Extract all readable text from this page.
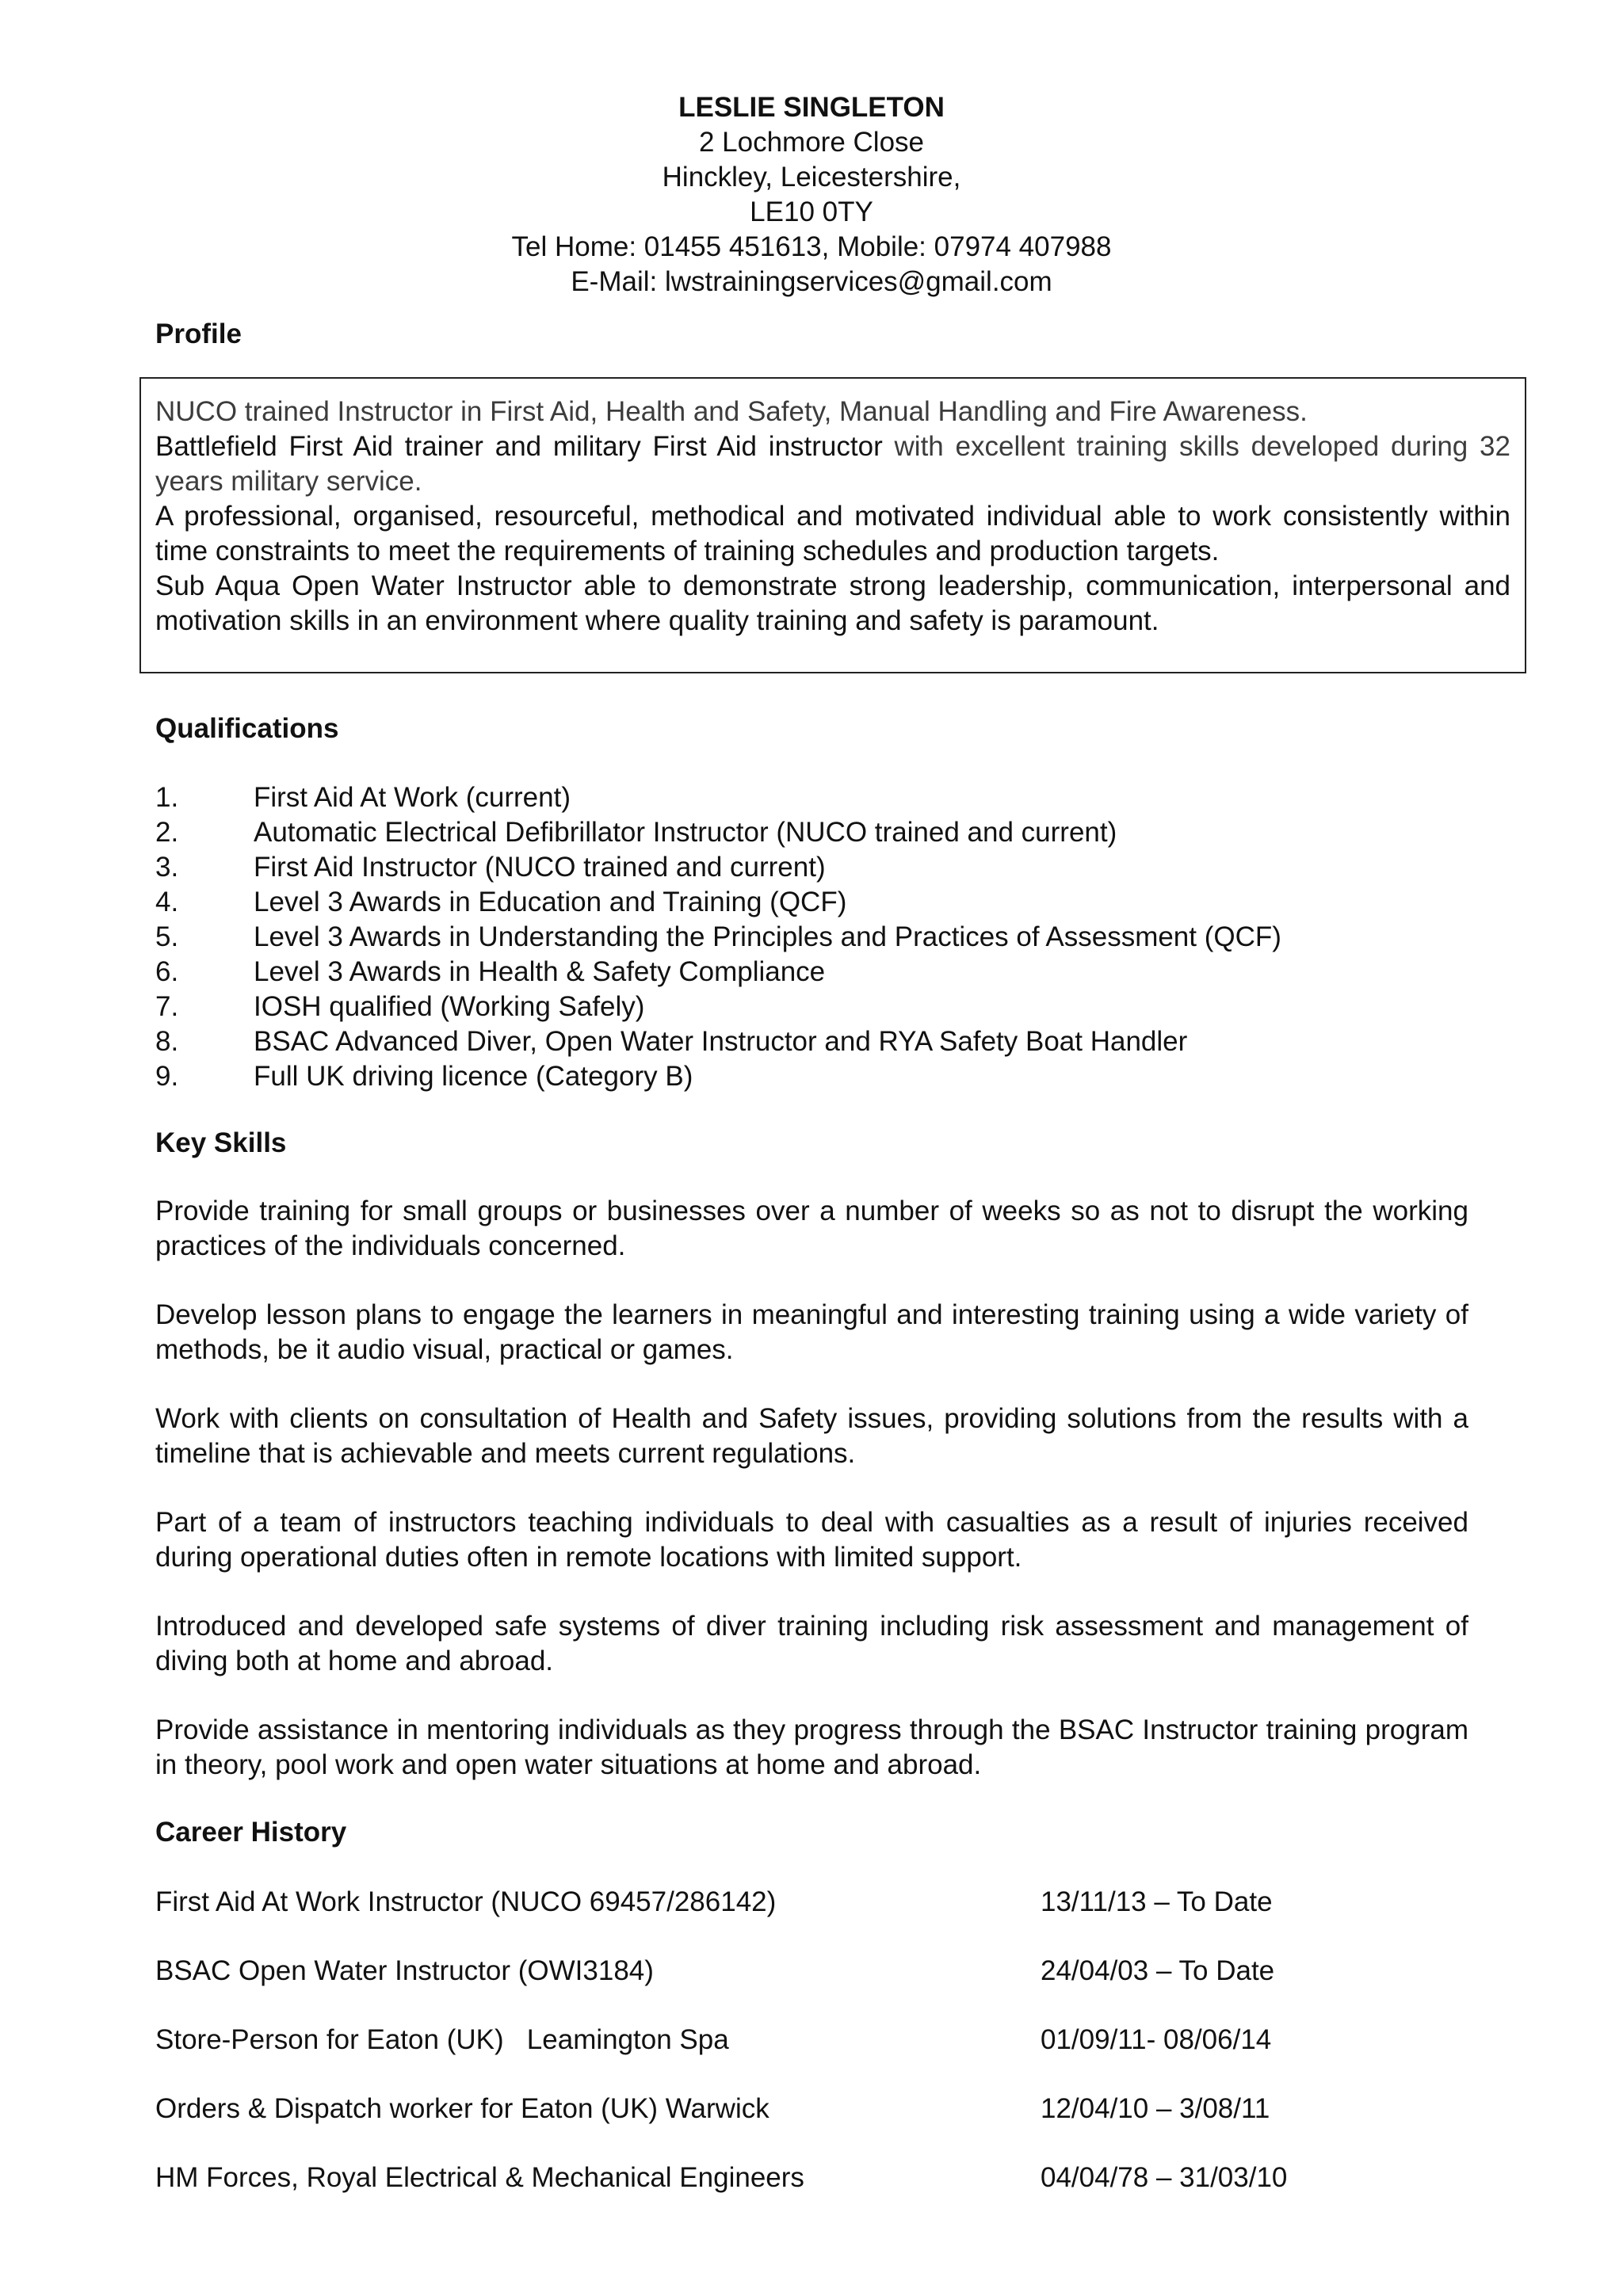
LESLIE SINGLETON
2 Lochmore Close
Hinckley, Leicestershire,
LE10 0TY
Tel Home: 01455 451613, Mobile: 07974 407988
E-Mail: lwstrainingservices@gmail.com
Profile

NUCO trained Instructor in First Aid, Health and Safety, Manual Handling and Fire Awareness.

Battlefield First Aid trainer and military First Aid instructor with excellent training skills developed during 32 years military service.

A professional, organised, resourceful, methodical and motivated individual able to work consistently within time constraints to meet the requirements of training schedules and production targets.

Sub Aqua Open Water Instructor able to demonstrate strong leadership, communication, interpersonal and motivation skills in an environment where quality training and safety is paramount.

Qualifications
1.	First Aid At Work (current)
2.	Automatic Electrical Defibrillator Instructor (NUCO trained and current)
3.	First Aid Instructor (NUCO trained and current)
4.	Level 3 Awards in Education and Training (QCF)
5.	Level 3 Awards in Understanding the Principles and Practices of Assessment (QCF)
6.	Level 3 Awards in Health & Safety Compliance
7.	IOSH qualified (Working Safely)
8.	BSAC Advanced Diver, Open Water Instructor and RYA Safety Boat Handler
9.	Full UK driving licence (Category B)
Key Skills

Provide training for small groups or businesses over a number of weeks so as not to disrupt the working practices of the individuals concerned.

Develop lesson plans to engage the learners in meaningful and interesting training using a wide variety of methods, be it audio visual, practical or games.

Work with clients on consultation of Health and Safety issues, providing solutions from the results with a timeline that is achievable and meets current regulations.

Part of a team of instructors teaching individuals to deal with casualties as a result of injuries received during operational duties often in remote locations with limited support.

Introduced and developed safe systems of diver training including risk assessment and management of diving both at home and abroad.

Provide assistance in mentoring individuals as they progress through the BSAC Instructor training program in theory, pool work and open water situations at home and abroad.

Career History
First Aid At Work Instructor (NUCO 69457/286142)	13/11/13 – To Date
BSAC Open Water Instructor (OWI3184)	24/04/03 – To Date
Store-Person for Eaton (UK)   Leamington Spa	01/09/11- 08/06/14
Orders & Dispatch worker for Eaton (UK) Warwick	12/04/10 – 3/08/11
HM Forces, Royal Electrical & Mechanical Engineers	04/04/78 – 31/03/10
